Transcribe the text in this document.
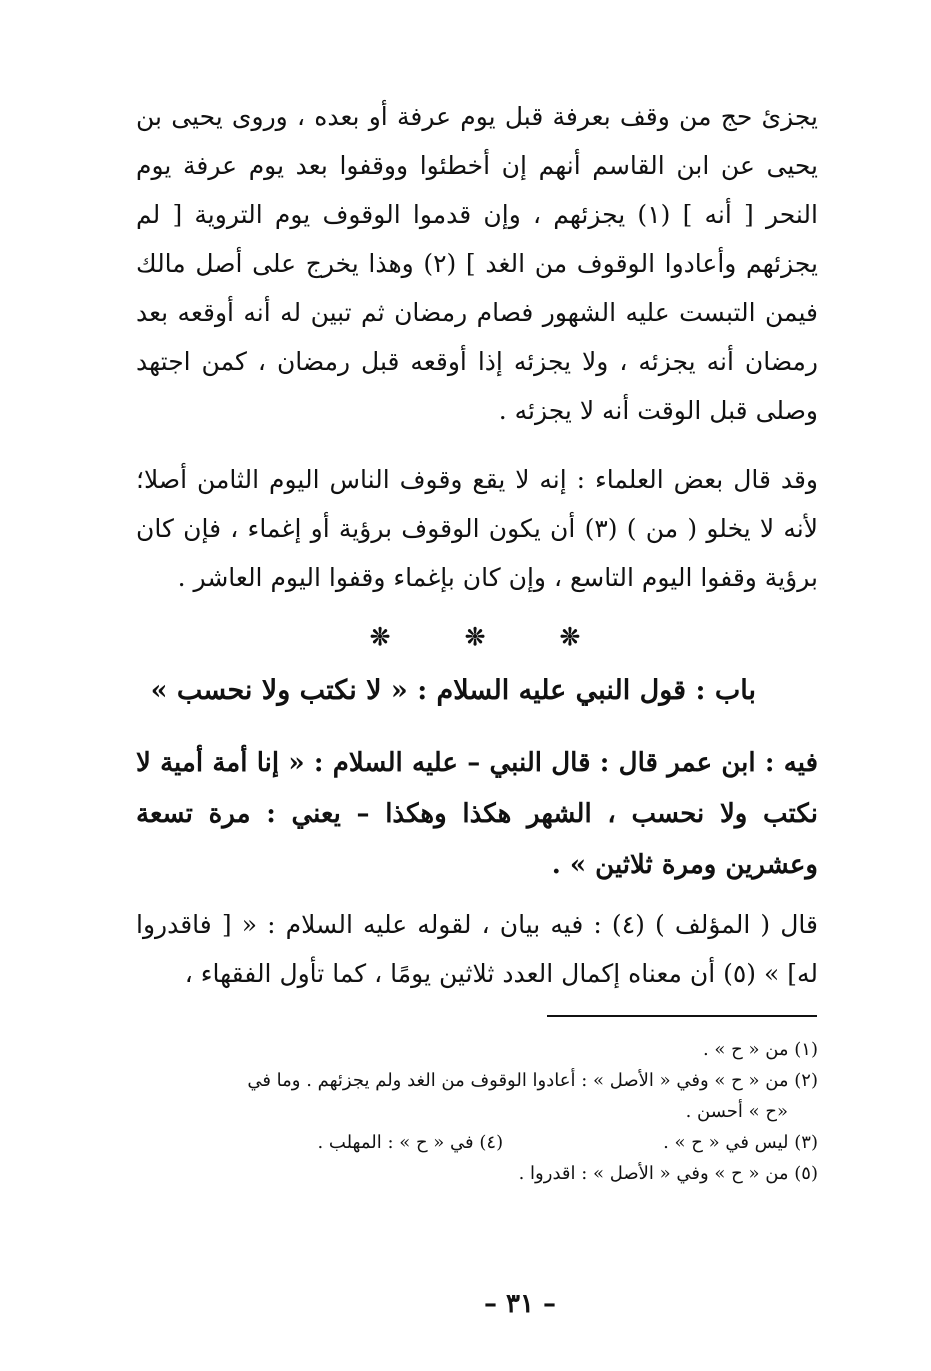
يجزئ حج من وقف بعرفة قبل يوم عرفة أو بعده ، وروى يحيى بن يحيى عن ابن القاسم أنهم إن أخطئوا ووقفوا بعد يوم عرفة يوم النحر [ أنه ] (١) يجزئهم ، وإن قدموا الوقوف يوم التروية [ لم يجزئهم وأعادوا الوقوف من الغد ] (٢) وهذا يخرج على أصل مالك فيمن التبست عليه الشهور فصام رمضان ثم تبين له أنه أوقعه بعد رمضان أنه يجزئه ، ولا يجزئه إذا أوقعه قبل رمضان ، كمن اجتهد وصلى قبل الوقت أنه لا يجزئه .
وقد قال بعض العلماء : إنه لا يقع وقوف الناس اليوم الثامن أصلا؛ لأنه لا يخلو ( من ) (٣) أن يكون الوقوف برؤية أو إغماء ، فإن كان برؤية وقفوا اليوم التاسع ، وإن كان بإغماء وقفوا اليوم العاشر .
❊	❊	❊
باب : قول النبي عليه السلام : « لا نكتب ولا نحسب »
فيه : ابن عمر قال : قال النبي – عليه السلام : « إنا أمة أمية لا نكتب ولا نحسب ، الشهر هكذا وهكذا – يعني : مرة تسعة وعشرين ومرة ثلاثين » .
قال ( المؤلف ) (٤) : فيه بيان ، لقوله عليه السلام : « [ فاقدروا له] » (٥) أن معناه إكمال العدد ثلاثين يومًا ، كما تأول الفقهاء ،
(١) من « ح » .
(٢) من « ح » وفي « الأصل » : أعادوا الوقوف من الغد ولم يجزئهم . وما في
«ح » أحسن .
(٣) ليس في « ح » .
(٤) في « ح » : المهلب .
(٥) من « ح » وفي « الأصل » : اقدروا .
– ٣١ –
